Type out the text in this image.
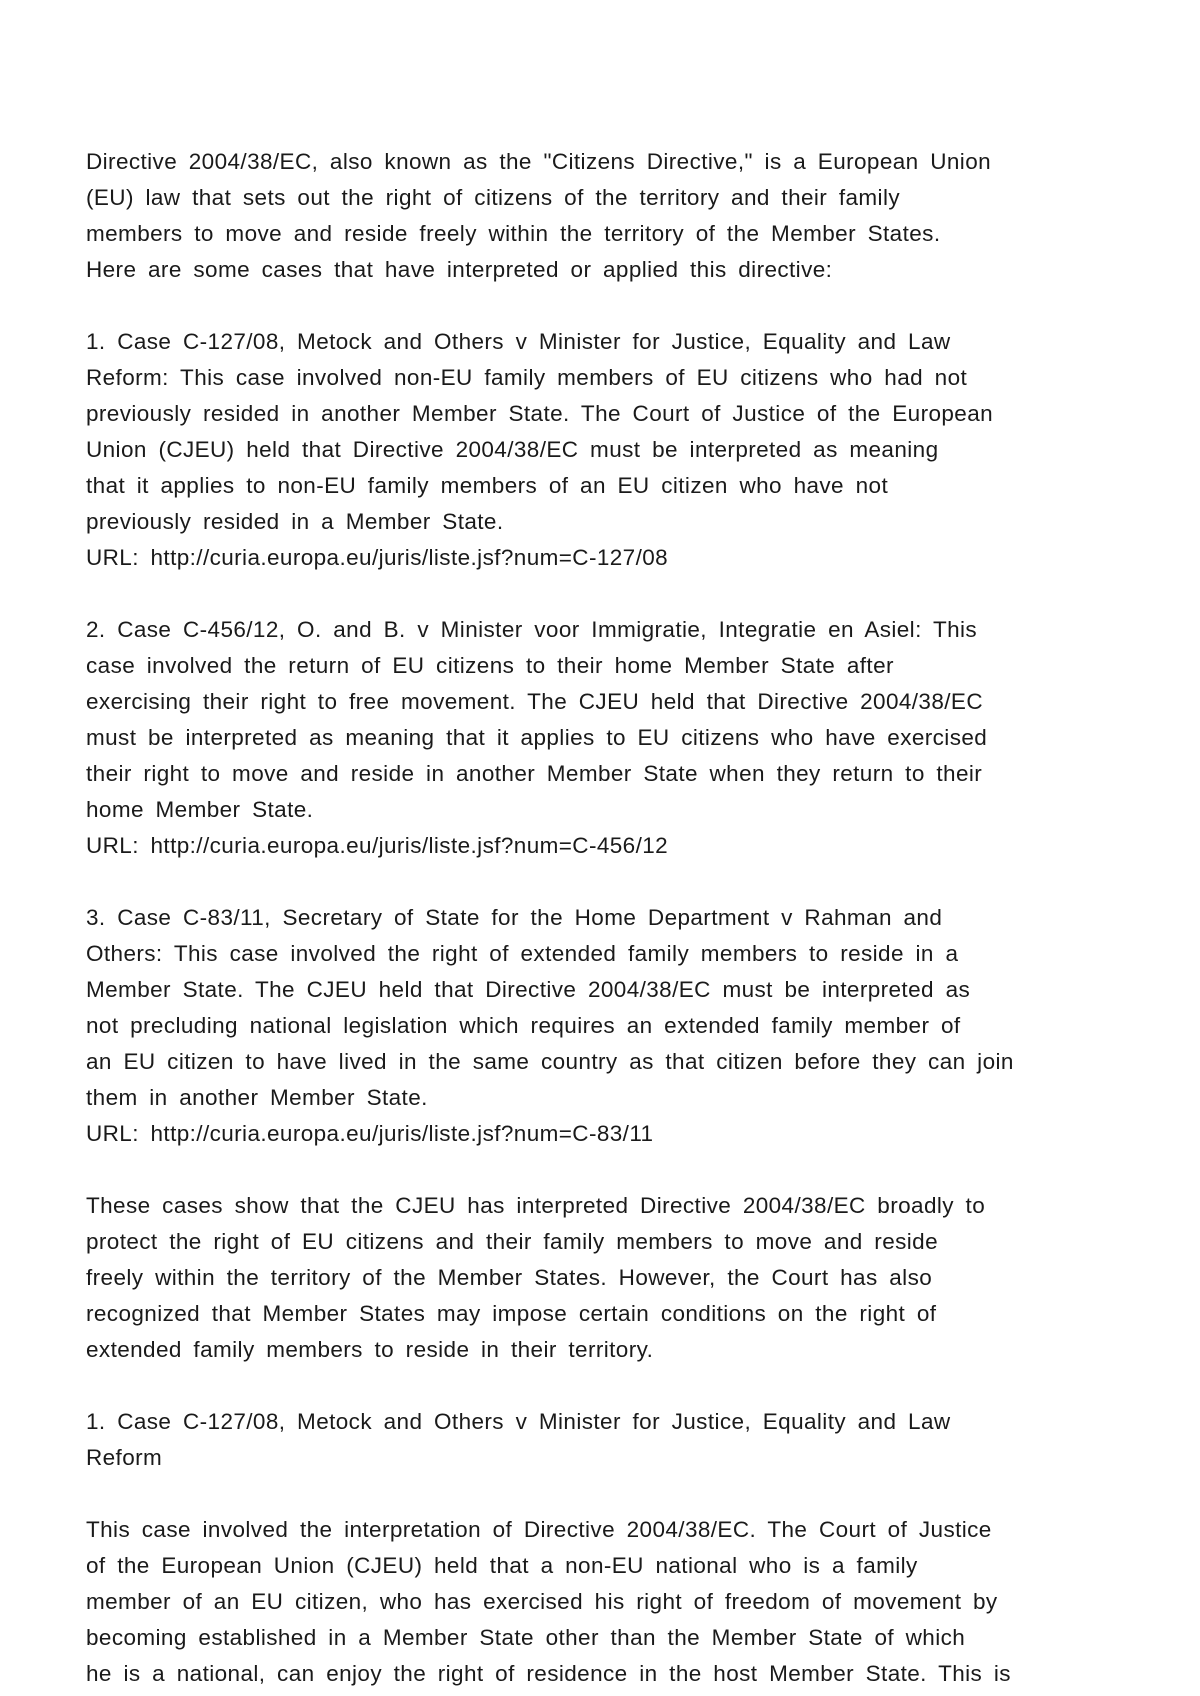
Directive 2004/38/EC, also known as the "Citizens Directive," is a European Union
(EU) law that sets out the right of citizens of the territory and their family
members to move and reside freely within the territory of the Member States.
Here are some cases that have interpreted or applied this directive:
1. Case C-127/08, Metock and Others v Minister for Justice, Equality and Law
Reform: This case involved non-EU family members of EU citizens who had not
previously resided in another Member State. The Court of Justice of the European
Union (CJEU) held that Directive 2004/38/EC must be interpreted as meaning
that it applies to non-EU family members of an EU citizen who have not
previously resided in a Member State.
URL: http://curia.europa.eu/juris/liste.jsf?num=C-127/08
2. Case C-456/12, O. and B. v Minister voor Immigratie, Integratie en Asiel: This
case involved the return of EU citizens to their home Member State after
exercising their right to free movement. The CJEU held that Directive 2004/38/EC
must be interpreted as meaning that it applies to EU citizens who have exercised
their right to move and reside in another Member State when they return to their
home Member State.
URL: http://curia.europa.eu/juris/liste.jsf?num=C-456/12
3. Case C-83/11, Secretary of State for the Home Department v Rahman and
Others: This case involved the right of extended family members to reside in a
Member State. The CJEU held that Directive 2004/38/EC must be interpreted as
not precluding national legislation which requires an extended family member of
an EU citizen to have lived in the same country as that citizen before they can join
them in another Member State.
URL: http://curia.europa.eu/juris/liste.jsf?num=C-83/11
These cases show that the CJEU has interpreted Directive 2004/38/EC broadly to
protect the right of EU citizens and their family members to move and reside
freely within the territory of the Member States. However, the Court has also
recognized that Member States may impose certain conditions on the right of
extended family members to reside in their territory.
1. Case C-127/08, Metock and Others v Minister for Justice, Equality and Law
Reform
This case involved the interpretation of Directive 2004/38/EC. The Court of Justice
of the European Union (CJEU) held that a non-EU national who is a family
member of an EU citizen, who has exercised his right of freedom of movement by
becoming established in a Member State other than the Member State of which
he is a national, can enjoy the right of residence in the host Member State. This is
